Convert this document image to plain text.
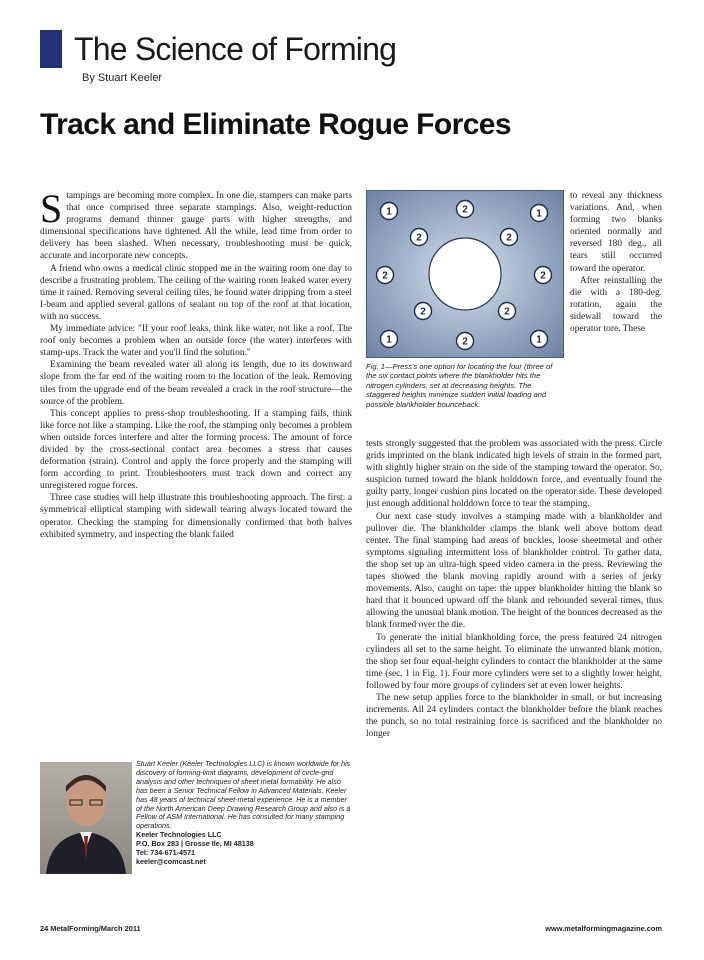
The Science of Forming
By Stuart Keeler
Track and Eliminate Rogue Forces

Stampings are becoming more complex. In one die, stampers can make parts that once comprised three separate stampings. Also, weight-reduction programs demand thinner gauge parts with higher strengths, and dimensional specifications have tightened. All the while, lead time from order to delivery has been slashed. When necessary, troubleshooting must be quick, accurate and incorporate new concepts.

A friend who owns a medical clinic stopped me in the waiting room one day to describe a frustrating problem. The ceiling of the waiting room leaked water every time it rained. Removing several ceiling tiles, he found water dripping from a steel I-beam and applied several gallons of sealant on top of the roof at that location, with no success.

My immediate advice: "If your roof leaks, think like water, not like a roof. The roof only becomes a problem when an outside force (the water) interferes with stamp-ups. Track the water and you'll find the solution."

Examining the beam revealed water all along its length, due to its downward slope from the far end of the waiting room to the location of the leak. Removing tiles from the upgrade end of the beam revealed a crack in the roof structure—the source of the problem.

This concept applies to press-shop troubleshooting. If a stamping fails, think like force not like a stamping. Like the roof, the stamping only becomes a problem when outside forces interfere and alter the forming process. The amount of force divided by the cross-sectional contact area becomes a stress that causes deformation (strain). Control and apply the force properly and the stamping will form according to print. Troubleshooters must track down and correct any unregistered rogue forces.

Three case studies will help illustrate this troubleshooting approach. The first: a symmetrical elliptical stamping with sidewall tearing always located toward the operator. Checking the stamping for dimensionally confirmed that both halves exhibited symmetry, and inspecting the blank failed

1	2	1
2	2
2	2
2	2
1	2	1
Fig. 1—Press's one option for locating the four (three of the six contact points where the blankholder hits the nitrogen cylinders, set at decreasing heights. The staggered heights minimize sudden initial loading and possible blankholder bounceback.

to reveal any thickness variations. And, when forming two blanks oriented normally and reversed 180 deg., all tears still occurred toward the operator.

After reinstalling the die with a 180-deg. rotation, again the sidewall toward the operator tore. These

tests strongly suggested that the problem was associated with the press. Circle grids imprinted on the blank indicated high levels of strain in the formed part, with slightly higher strain on the side of the stamping toward the operator. So, suspicion turned toward the blank holddown force, and eventually found the guilty party, longer cushion pins located on the operator side. These developed just enough additional holddown force to tear the stamping.

Our next case study involves a stamping made with a blankholder and pullover die. The blankholder clamps the blank well above bottom dead center. The final stamping had areas of buckles, loose sheetmetal and other symptoms signaling intermittent loss of blankholder control. To gather data, the shop set up an ultra-high speed video camera in the press. Reviewing the tapes showed the blank moving rapidly around with a series of jerky movements. Also, caught on tape: the upper blankholder hitting the blank so hard that it bounced upward off the blank and rebounded several times, thus allowing the unusual blank motion. The height of the bounces decreased as the blank formed over the die.

To generate the initial blankholding force, the press featured 24 nitrogen cylinders all set to the same height. To eliminate the unwanted blank motion, the shop set four equal-height cylinders to contact the blankholder at the same time (sec. 1 in Fig. 1). Four more cylinders were set to a slightly lower height, followed by four more groups of cylinders set at even lower heights.

The new setup applies force to the blankholder in small, or but increasing increments. All 24 cylinders contact the blankholder before the blank reaches the punch, so no total restraining force is sacrificed and the blankholder no longer

Stuart Keeler (Keeler Technologies LLC) is known worldwide for his discovery of forming-limit diagrams, development of circle-grid analysis and other techniques of sheet metal formability. He also has been a Senior Technical Fellow in Advanced Materials. Keeler has 48 years of technical sheet-metal experience. He is a member of the North American Deep Drawing Research Group and also is a Fellow of ASM International. He has consulted for many stamping operations.
Keeler Technologies LLC
P.O. Box 283 | Grosse Ile, MI 48138
Tel: 734-671-4571
keeler@comcast.net
24 MetalForming/March 2011	www.metalformingmagazine.com
